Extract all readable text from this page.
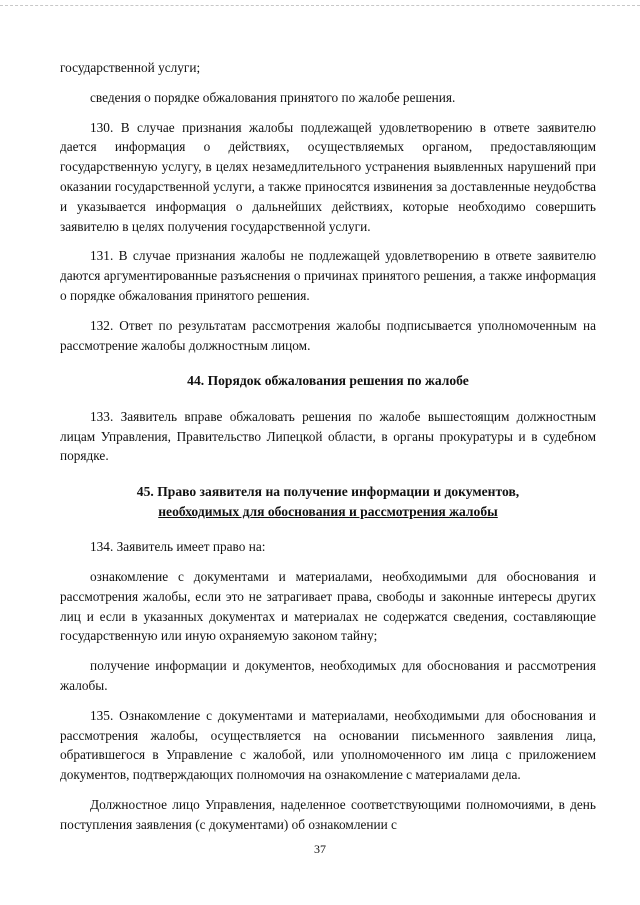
государственной услуги;

сведения о порядке обжалования принятого по жалобе решения.

130. В случае признания жалобы подлежащей удовлетворению в ответе заявителю дается информация о действиях, осуществляемых органом, предоставляющим государственную услугу, в целях незамедлительного устранения выявленных нарушений при оказании государственной услуги, а также приносятся извинения за доставленные неудобства и указывается информация о дальнейших действиях, которые необходимо совершить заявителю в целях получения государственной услуги.

131. В случае признания жалобы не подлежащей удовлетворению в ответе заявителю даются аргументированные разъяснения о причинах принятого решения, а также информация о порядке обжалования принятого решения.

132. Ответ по результатам рассмотрения жалобы подписывается уполномоченным на рассмотрение жалобы должностным лицом.

44. Порядок обжалования решения по жалобе

133. Заявитель вправе обжаловать решения по жалобе вышестоящим должностным лицам Управления, Правительство Липецкой области, в органы прокуратуры и в судебном порядке.

45. Право заявителя на получение информации и документов,
необходимых для обоснования и рассмотрения жалобы

134. Заявитель имеет право на:

ознакомление с документами и материалами, необходимыми для обоснования и рассмотрения жалобы, если это не затрагивает права, свободы и законные интересы других лиц и если в указанных документах и материалах не содержатся сведения, составляющие государственную или иную охраняемую законом тайну;

получение информации и документов, необходимых для обоснования и рассмотрения жалобы.

135. Ознакомление с документами и материалами, необходимыми для обоснования и рассмотрения жалобы, осуществляется на основании письменного заявления лица, обратившегося в Управление с жалобой, или уполномоченного им лица с приложением документов, подтверждающих полномочия на ознакомление с материалами дела.

Должностное лицо Управления, наделенное соответствующими полномочиями, в день поступления заявления (с документами) об ознакомлении с

37
